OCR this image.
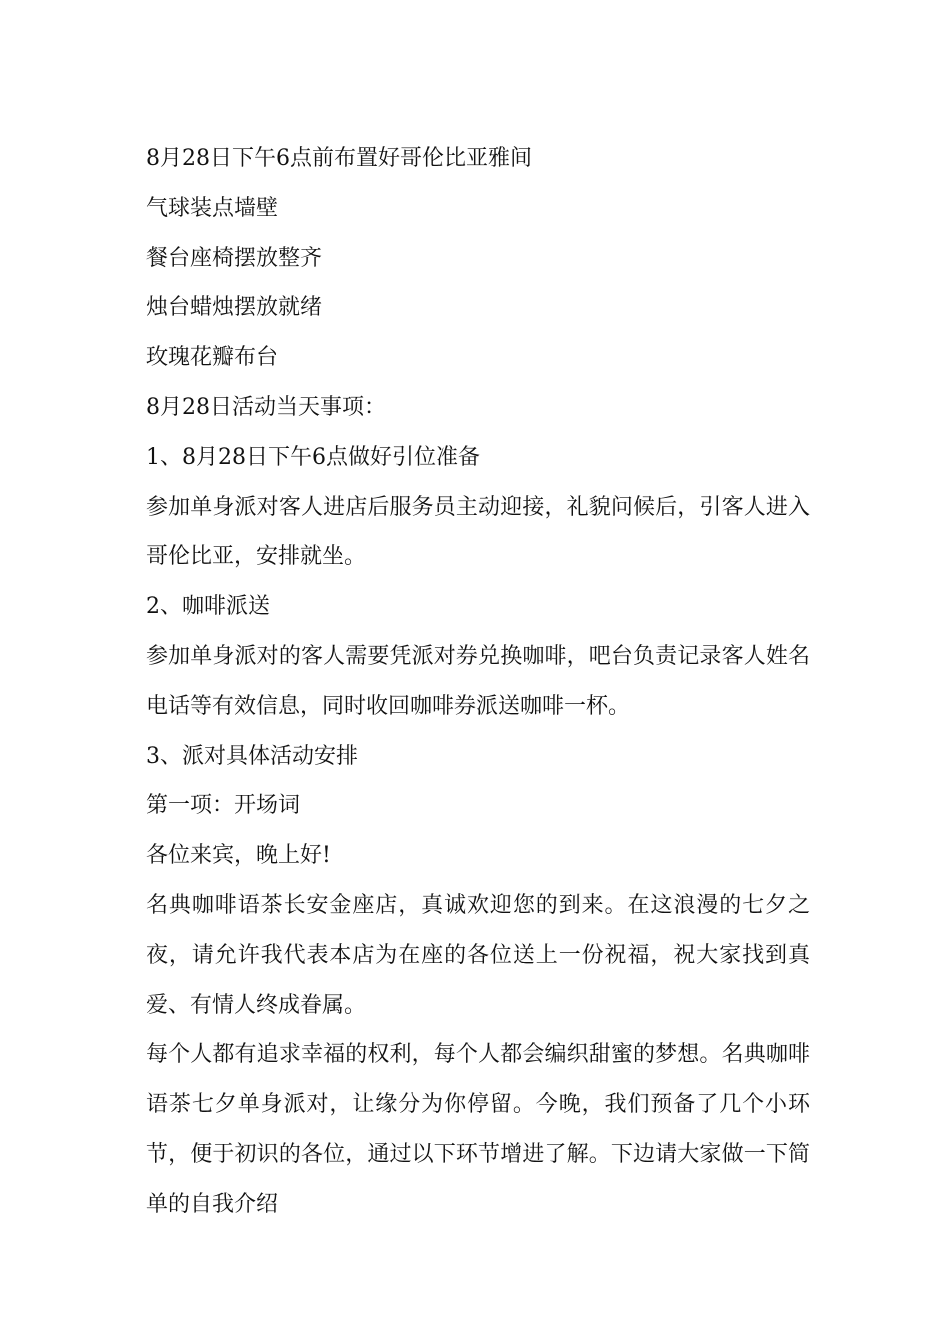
8月28日下午6点前布置好哥伦比亚雅间

气球装点墙壁

餐台座椅摆放整齐

烛台蜡烛摆放就绪

玫瑰花瓣布台

8月28日活动当天事项：

1、8月28日下午6点做好引位准备

参加单身派对客人进店后服务员主动迎接，礼貌问候后，引客人进入哥伦比亚，安排就坐。

2、咖啡派送

参加单身派对的客人需要凭派对券兑换咖啡，吧台负责记录客人姓名电话等有效信息，同时收回咖啡券派送咖啡一杯。

3、派对具体活动安排

第一项：开场词

各位来宾，晚上好!

名典咖啡语茶长安金座店，真诚欢迎您的到来。在这浪漫的七夕之夜，请允许我代表本店为在座的各位送上一份祝福，祝大家找到真爱、有情人终成眷属。

每个人都有追求幸福的权利，每个人都会编织甜蜜的梦想。名典咖啡语茶七夕单身派对，让缘分为你停留。今晚，我们预备了几个小环节，便于初识的各位，通过以下环节增进了解。下边请大家做一下简单的自我介绍
